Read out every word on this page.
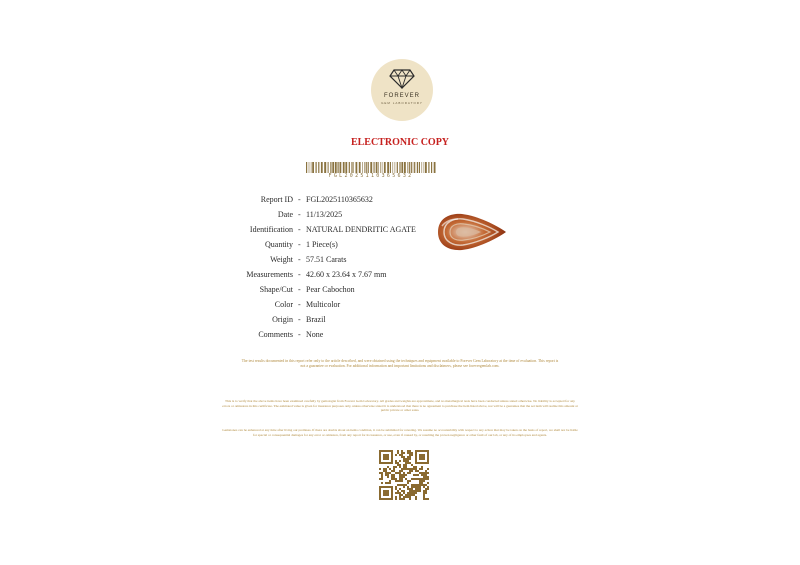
FOREVER
GEM LABORATORY
ELECTRONIC COPY
FGL2025110365632
Report ID - FGL2025110365632
Date - 11/13/2025
Identification - NATURAL DENDRITIC AGATE
Quantity - 1 Piece(s)
Weight - 57.51 Carats
Measurements - 42.60 x 23.64 x 7.67 mm
Shape/Cut - Pear Cabochon
Color - Multicolor
Origin - Brazil
Comments - None
The test results documented in this report refer only to the article described, and were obtained using the techniques and equipment available to Forever Gem Laboratory at the time of evaluation. This report is not a guarantee or evaluation. For additional information and important limitations and disclaimers, please see forevergemlab.com.
This is to verify that the above items have been examined carefully by gemologist from Forever Gem Laboratory. All grades and weights are approximate, and no metallurgical tests have been conducted unless stated otherwise. No liability is accepted for any errors or omissions in this certificate. The estimated value is given for insurance purposes only, unless otherwise stated it is understood that there is no agreement to purchase the item listed above, nor will be a guarantee that the set item will realize this amount at public private or other sales.
Gemstones can be enhanced at any time after living our premises. If there are doubts about an items condition, it can be submitted for retesting. We assume no accountability with respect to any action that may be taken on the basis of report, we shall not be liable for special or consequential damages for any error or omission, from any report for its issuance, or use, even if caused by, or resulting the proven negligence or other fault of our lab, or any of its employees and agents.
